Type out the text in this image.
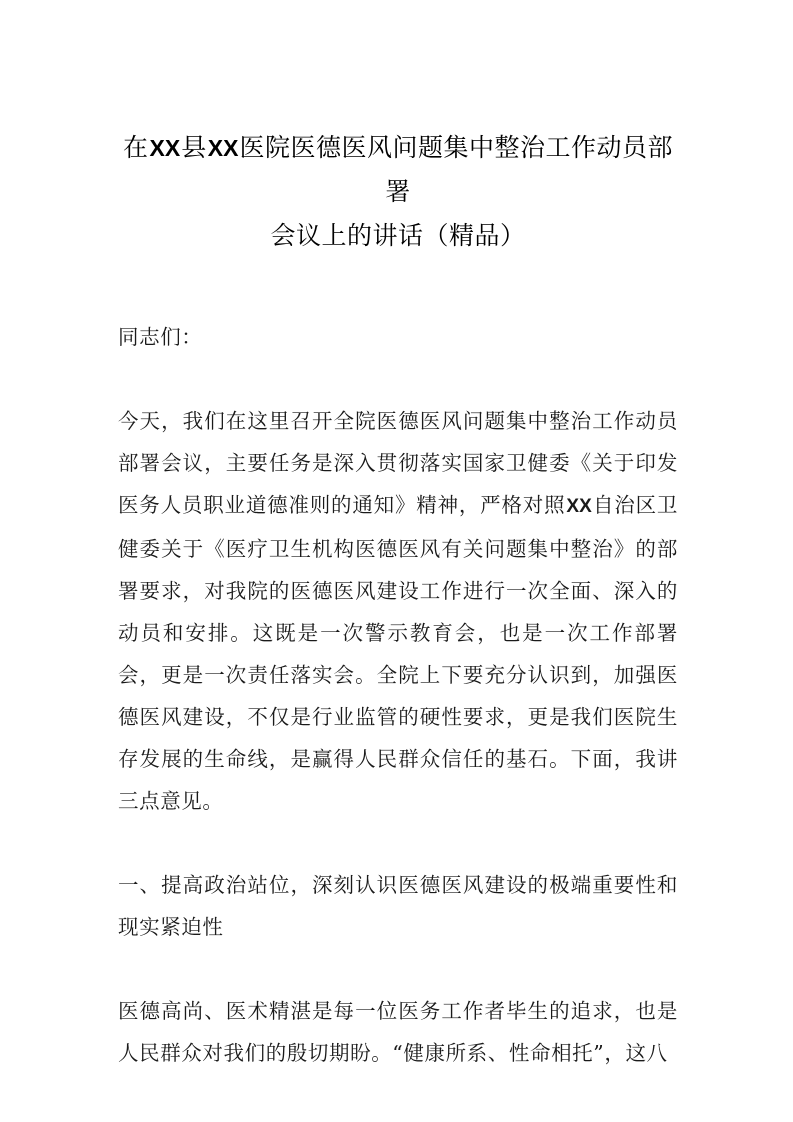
在XX县XX医院医德医风问题集中整治工作动员部署
会议上的讲话（精品）

同志们：

今天，我们在这里召开全院医德医风问题集中整治工作动员部署会议，主要任务是深入贯彻落实国家卫健委《关于印发医务人员职业道德准则的通知》精神，严格对照XX自治区卫健委关于《医疗卫生机构医德医风有关问题集中整治》的部署要求，对我院的医德医风建设工作进行一次全面、深入的动员和安排。这既是一次警示教育会，也是一次工作部署会，更是一次责任落实会。全院上下要充分认识到，加强医德医风建设，不仅是行业监管的硬性要求，更是我们医院生存发展的生命线，是赢得人民群众信任的基石。下面，我讲三点意见。

一、提高政治站位，深刻认识医德医风建设的极端重要性和现实紧迫性

医德高尚、医术精湛是每一位医务工作者毕生的追求，也是人民群众对我们的殷切期盼。“健康所系、性命相托”，这八
